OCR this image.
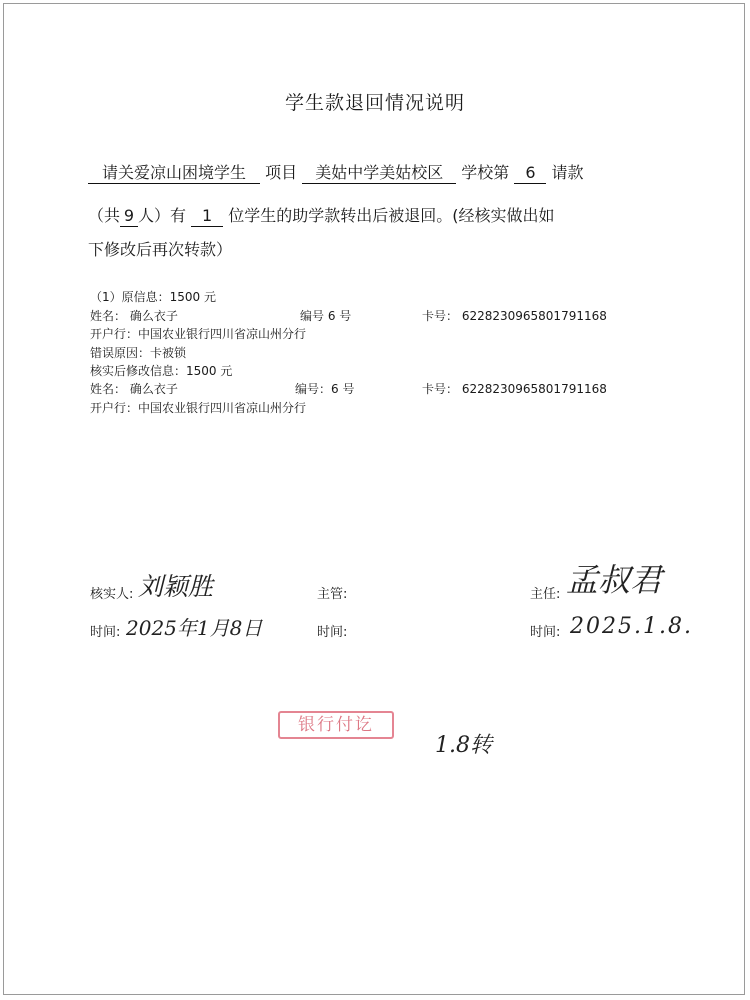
学生款退回情况说明
请关爱凉山困境学生 项目 美姑中学美姑校区 学校第 6 请款
（共 9 人）有 1 位学生的助学款转出后被退回。(经核实做出如
下修改后再次转款）
（1）原信息：1500 元
姓名： 确么衣子	编号 6 号	卡号： 6228230965801791168
开户行：中国农业银行四川省凉山州分行
错误原因：卡被锁
核实后修改信息：1500 元
姓名： 确么衣子	编号：6 号	卡号： 6228230965801791168
开户行：中国农业银行四川省凉山州分行
核实人: 刘颖胜	主管:	主任: 孟叔君
时间: 2025年1月8日	时间:	时间: 2025.1.8.
银行付讫
1.8转
